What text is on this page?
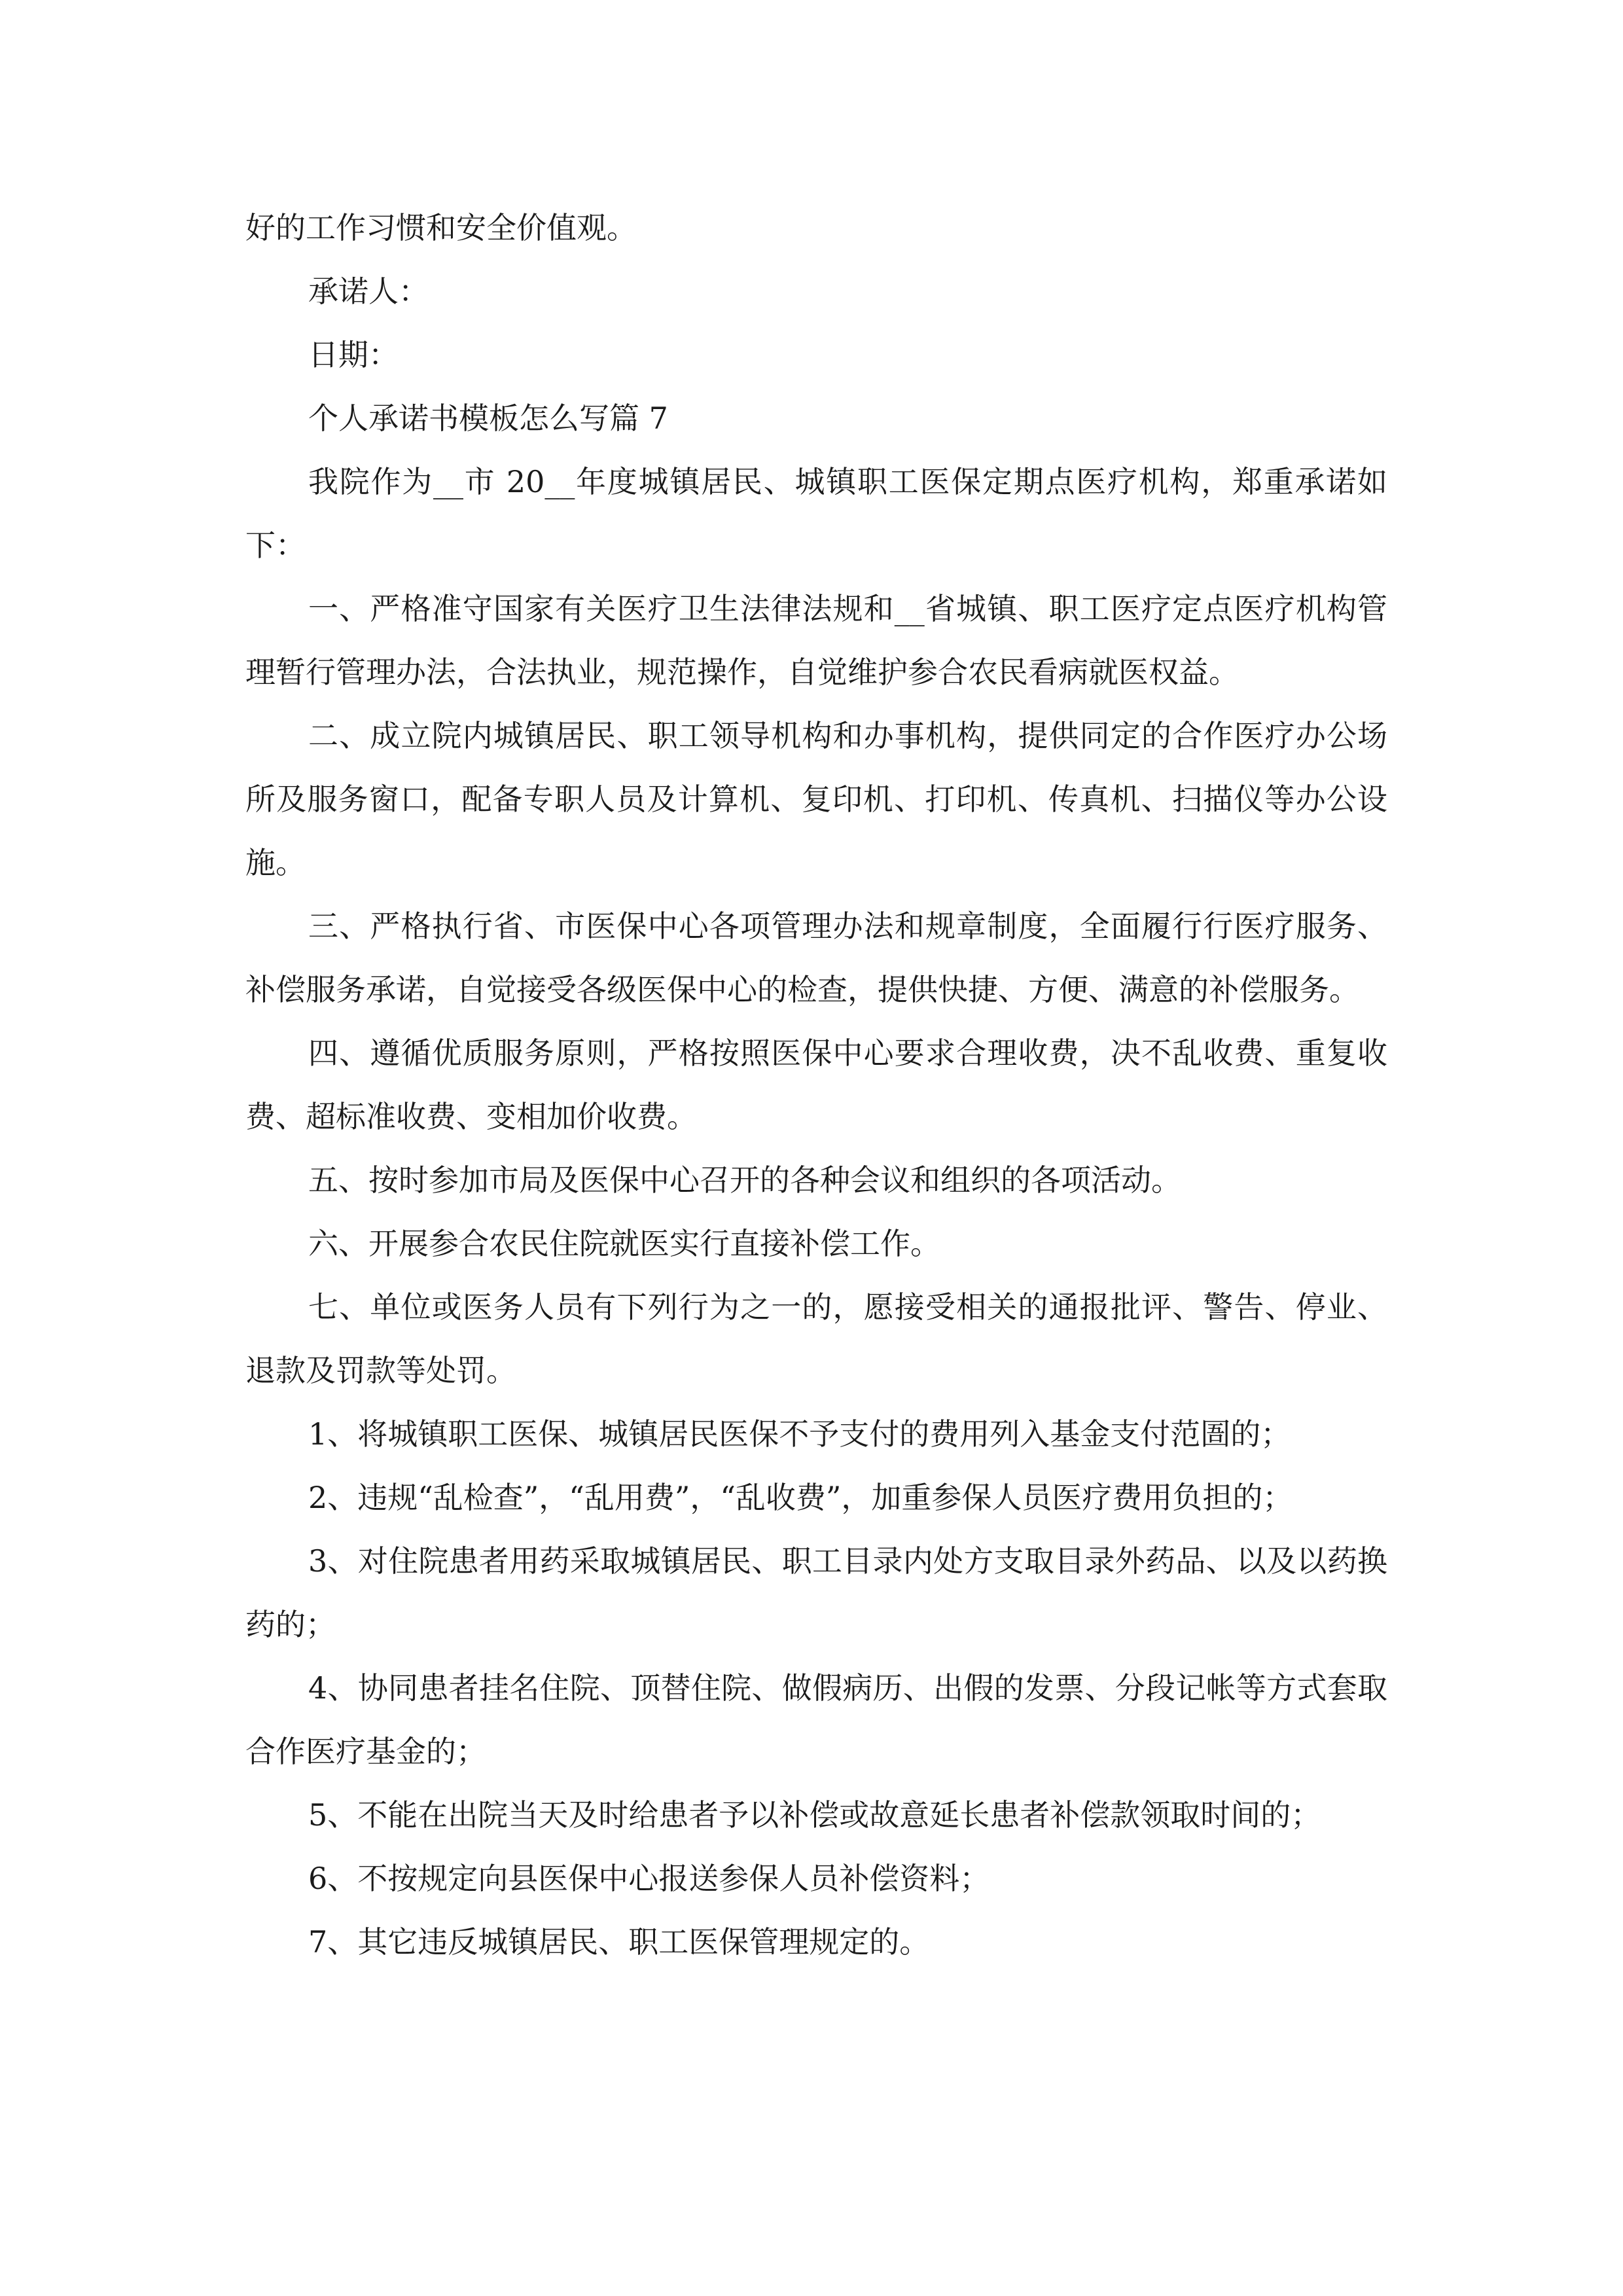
好的工作习惯和安全价值观。

承诺人：

日期：

个人承诺书模板怎么写篇 7

我院作为__市 20__年度城镇居民、城镇职工医保定期点医疗机构，郑重承诺如下：

一、严格准守国家有关医疗卫生法律法规和__省城镇、职工医疗定点医疗机构管理暂行管理办法，合法执业，规范操作，自觉维护参合农民看病就医权益。

二、成立院内城镇居民、职工领导机构和办事机构，提供同定的合作医疗办公场所及服务窗口，配备专职人员及计算机、复印机、打印机、传真机、扫描仪等办公设施。

三、严格执行省、市医保中心各项管理办法和规章制度，全面履行行医疗服务、补偿服务承诺，自觉接受各级医保中心的检查，提供快捷、方便、满意的补偿服务。

四、遵循优质服务原则，严格按照医保中心要求合理收费，决不乱收费、重复收费、超标准收费、变相加价收费。

五、按时参加市局及医保中心召开的各种会议和组织的各项活动。

六、开展参合农民住院就医实行直接补偿工作。

七、单位或医务人员有下列行为之一的，愿接受相关的通报批评、警告、停业、退款及罚款等处罚。

1、将城镇职工医保、城镇居民医保不予支付的费用列入基金支付范圄的；

2、违规“乱检查”，“乱用费”，“乱收费”，加重参保人员医疗费用负担的；

3、对住院患者用药采取城镇居民、职工目录内处方支取目录外药品、以及以药换药的；

4、协同患者挂名住院、顶替住院、做假病历、出假的发票、分段记帐等方式套取合作医疗基金的；

5、不能在出院当天及时给患者予以补偿或故意延长患者补偿款领取时间的；

6、不按规定向县医保中心报送参保人员补偿资料；

7、其它违反城镇居民、职工医保管理规定的。
